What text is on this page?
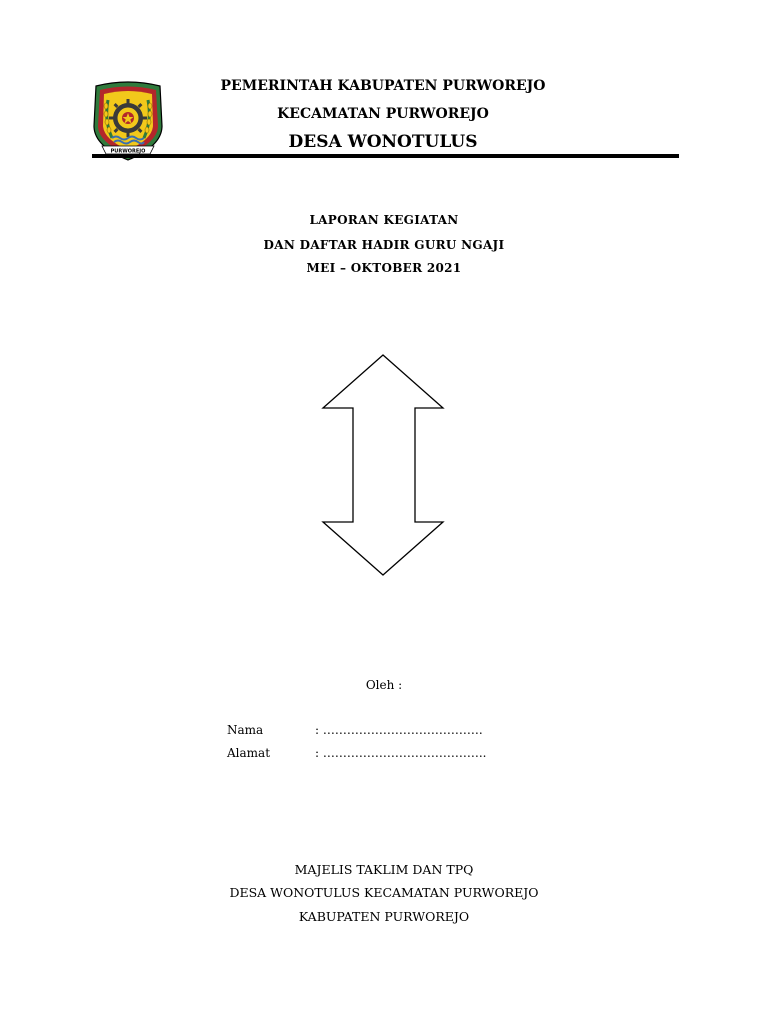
PURWOREJO
PEMERINTAH KABUPATEN PURWOREJO
KECAMATAN PURWOREJO
DESA WONOTULUS
LAPORAN KEGIATAN
DAN DAFTAR HADIR GURU NGAJI
MEI – OKTOBER 2021
Oleh :
Nama	: ………………………………….
Alamat	: …………………………………..
MAJELIS TAKLIM DAN TPQ
DESA WONOTULUS KECAMATAN PURWOREJO
KABUPATEN PURWOREJO
